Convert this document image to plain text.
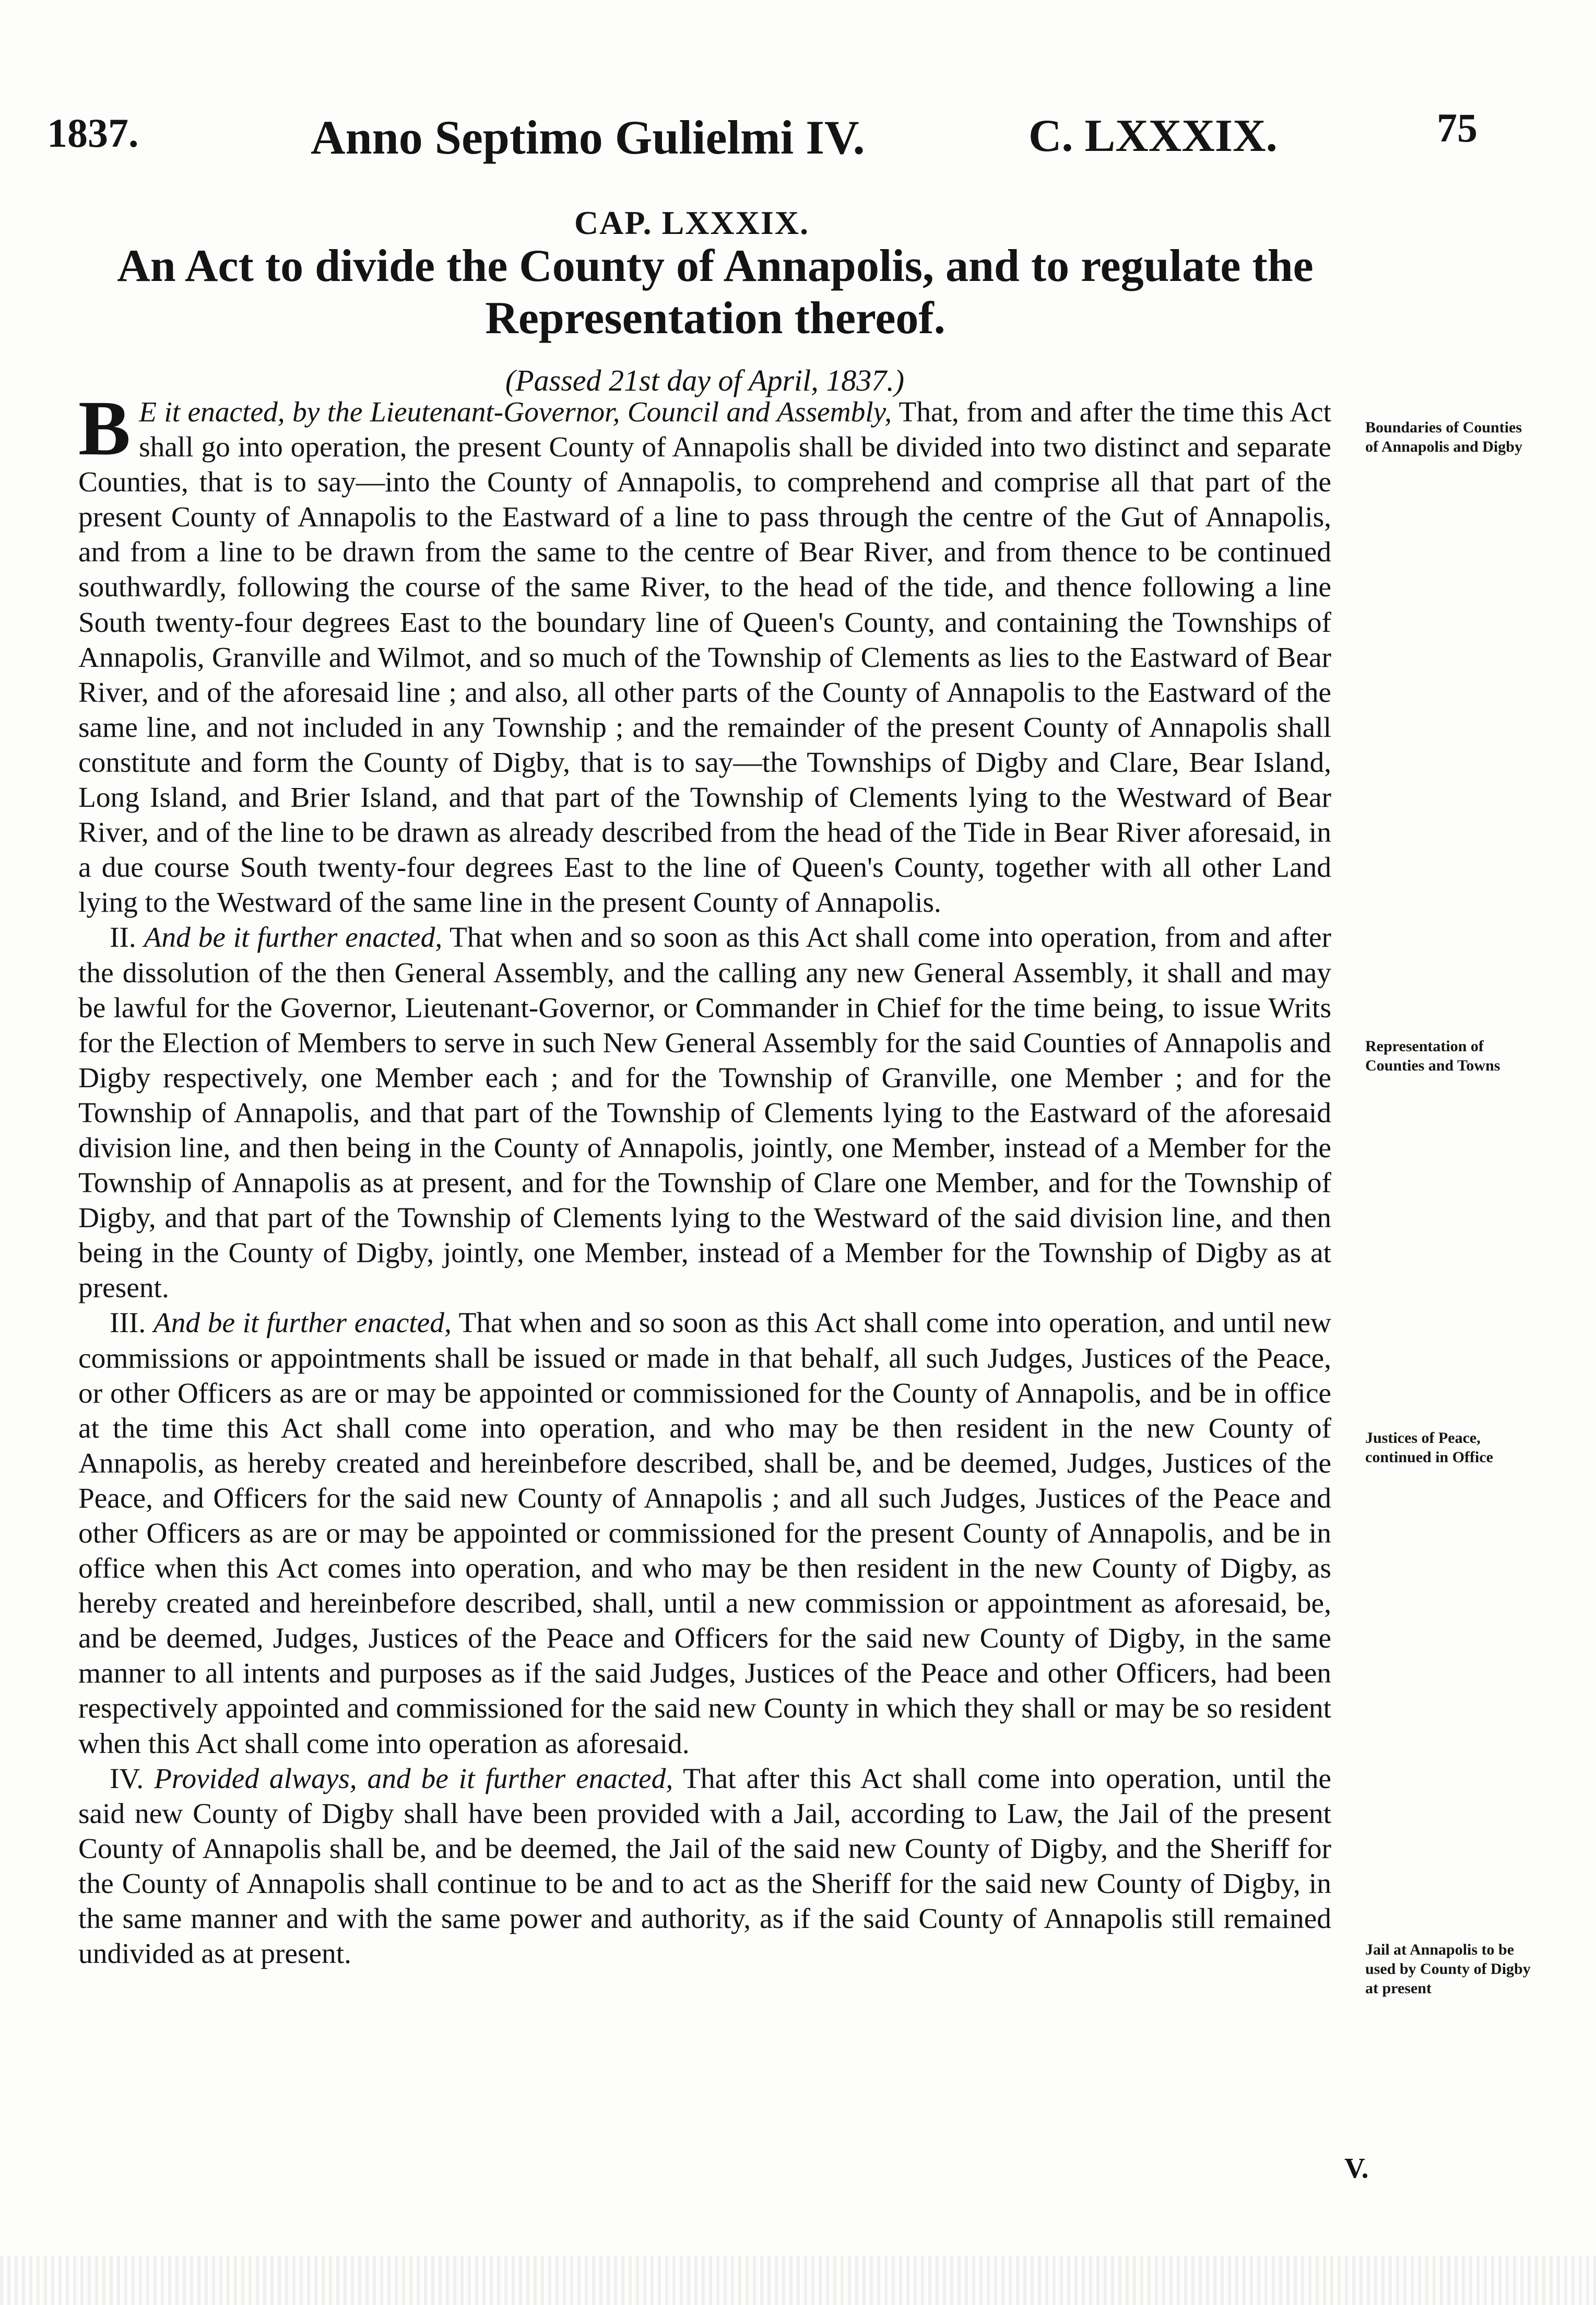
1837.	Anno Septimo Gulielmi IV.	C. LXXXIX.	75
CAP. LXXXIX.
An Act to divide the County of Annapolis, and to regulate the Representation thereof.
(Passed 21st day of April, 1837.)

B E it enacted, by the Lieutenant-Governor, Council and Assembly, That, from and after the time this Act shall go into operation, the present County of Annapolis shall be divided into two distinct and separate Counties, that is to say—into the County of Annapolis, to comprehend and comprise all that part of the present County of Annapolis to the Eastward of a line to pass through the centre of the Gut of Annapolis, and from a line to be drawn from the same to the centre of Bear River, and from thence to be continued southwardly, following the course of the same River, to the head of the tide, and thence following a line South twenty-four degrees East to the boundary line of Queen's County, and containing the Townships of Annapolis, Granville and Wilmot, and so much of the Township of Clements as lies to the Eastward of Bear River, and of the aforesaid line ; and also, all other parts of the County of Annapolis to the Eastward of the same line, and not included in any Township ; and the remainder of the present County of Annapolis shall constitute and form the County of Digby, that is to say—the Townships of Digby and Clare, Bear Island, Long Island, and Brier Island, and that part of the Township of Clements lying to the Westward of Bear River, and of the line to be drawn as already described from the head of the Tide in Bear River aforesaid, in a due course South twenty-four degrees East to the line of Queen's County, together with all other Land lying to the Westward of the same line in the present County of Annapolis.

II. And be it further enacted, That when and so soon as this Act shall come into operation, from and after the dissolution of the then General Assembly, and the calling any new General Assembly, it shall and may be lawful for the Governor, Lieutenant-Governor, or Commander in Chief for the time being, to issue Writs for the Election of Members to serve in such New General Assembly for the said Counties of Annapolis and Digby respectively, one Member each ; and for the Township of Granville, one Member ; and for the Township of Annapolis, and that part of the Township of Clements lying to the Eastward of the aforesaid division line, and then being in the County of Annapolis, jointly, one Member, instead of a Member for the Township of Annapolis as at present, and for the Township of Clare one Member, and for the Township of Digby, and that part of the Township of Clements lying to the Westward of the said division line, and then being in the County of Digby, jointly, one Member, instead of a Member for the Township of Digby as at present.

III. And be it further enacted, That when and so soon as this Act shall come into operation, and until new commissions or appointments shall be issued or made in that behalf, all such Judges, Justices of the Peace, or other Officers as are or may be appointed or commissioned for the County of Annapolis, and be in office at the time this Act shall come into operation, and who may be then resident in the new County of Annapolis, as hereby created and hereinbefore described, shall be, and be deemed, Judges, Justices of the Peace, and Officers for the said new County of Annapolis ; and all such Judges, Justices of the Peace and other Officers as are or may be appointed or commissioned for the present County of Annapolis, and be in office when this Act comes into operation, and who may be then resident in the new County of Digby, as hereby created and hereinbefore described, shall, until a new commission or appointment as aforesaid, be, and be deemed, Judges, Justices of the Peace and Officers for the said new County of Digby, in the same manner to all intents and purposes as if the said Judges, Justices of the Peace and other Officers, had been respectively appointed and commissioned for the said new County in which they shall or may be so resident when this Act shall come into operation as aforesaid.

IV. Provided always, and be it further enacted, That after this Act shall come into operation, until the said new County of Digby shall have been provided with a Jail, according to Law, the Jail of the present County of Annapolis shall be, and be deemed, the Jail of the said new County of Digby, and the Sheriff for the County of Annapolis shall continue to be and to act as the Sheriff for the said new County of Digby, in the same manner and with the same power and authority, as if the said County of Annapolis still remained undivided as at present.

Boundaries of Counties of Annapolis and Digby
Representation of Counties and Towns
Justices of Peace, continued in Office
Jail at Annapolis to be used by County of Digby at present
V.
